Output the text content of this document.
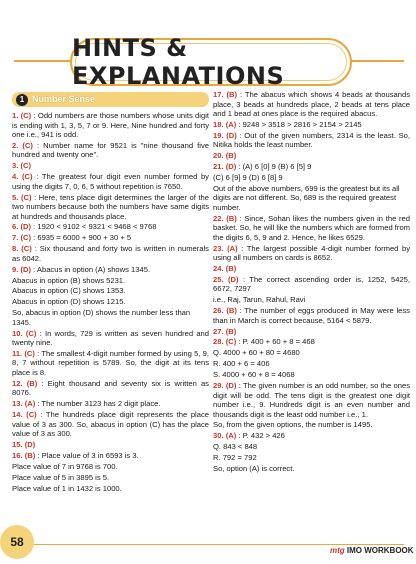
HINTS & EXPLANATIONS
1 Number Sense
1. (C) : Odd numbers are those numbers whose units digit is ending with 1, 3, 5, 7 or 9. Here, Nine hundred and forty one i.e., 941 is odd.
2. (C) : Number name for 9521 is "nine thousand five hundred and twenty one".
3. (C)
4. (C) : The greatest four digit even number formed by using the digits 7, 0, 6, 5 without repetition is 7650.
5. (C) : Here, tens place digit determines the larger of the two numbers because both the numbers have same digits at hundreds and thousands place.
6. (D) : 1920 < 9102 < 9321 < 9468 < 9768
7. (C) : 6935 = 6000 + 900 + 30 + 5
8. (C) : Six thousand and forty two is written in numerals as 6042.
9. (D) : Abacus in option (A) shows 1345.
Abacus in option (B) shows 5231.
Abacus in option (C) shows 1353.
Abacus in option (D) shows 1215.
So, abacus in option (D) shows the number less than 1345.
10. (C) : In words, 729 is written as seven hundred and twenty nine.
11. (C) : The smallest 4-digit number formed by using 5, 9, 8, 7 without repetition is 5789. So, the digit at its tens place is 8.
12. (B) : Eight thousand and seventy six is written as 8076.
13. (A) : The number 3123 has 2 digit place.
14. (C) : The hundreds place digit represents the place value of 3 as 300. So, abacus in option (C) has the place value of 3 as 300.
15. (D)
16. (B) : Place value of 3 in 6593 is 3.
Place value of 7 in 9768 is 700.
Place value of 5 in 3895 is 5.
Place value of 1 in 1432 is 1000.
17. (B) : The abacus which shows 4 beads at thousands place, 3 beads at hundreds place, 2 beads at tens place and 1 bead at ones place is the required abacus.
18. (A) : 9248 > 3518 > 2816 > 2154 > 2145
19. (D) : Out of the given numbers, 2314 is the least. So, Nitika holds the least number.
20. (B)
21. (D) : (A) 6 [0] 9 (B) 6 [5] 9
(C) 6 [9] 9 (D) 6 [8] 9
Out of the above numbers, 699 is the greatest but its all digits are not different. So, 689 is the required greatest number.
22. (B) : Since, Sohan likes the numbers given in the red basket. So, he will like the numbers which are formed from the digits 6, 5, 9 and 2. Hence, he likes 6529.
23. (A) : The largest possible 4-digit number formed by using all numbers on cards is 8652.
24. (B)
25. (D) : The correct ascending order is, 1252, 5425, 6672, 7297
i.e., Raj, Tarun, Rahul, Ravi
26. (B) : The number of eggs produced in May were less than in March is correct because, 5164 < 5879.
27. (B)
28. (C) : P. 400 + 60 + 8 = 468
Q. 4000 + 60 + 80 = 4680
R. 400 + 6 = 406
S. 4000 + 60 + 8 = 4068
29. (D) : The given number is an odd number, so the ones digit will be odd. The tens digit is the greatest one digit number i.e., 9. Hundreds digit is an even number and thousands digit is the least odd number i.e., 1.
So, from the given options, the number is 1495.
30. (A) : P. 432 > 426
Q. 843 < 848
R. 792 = 792
So, option (A) is correct.
58
mtg IMO WORKBOOK
